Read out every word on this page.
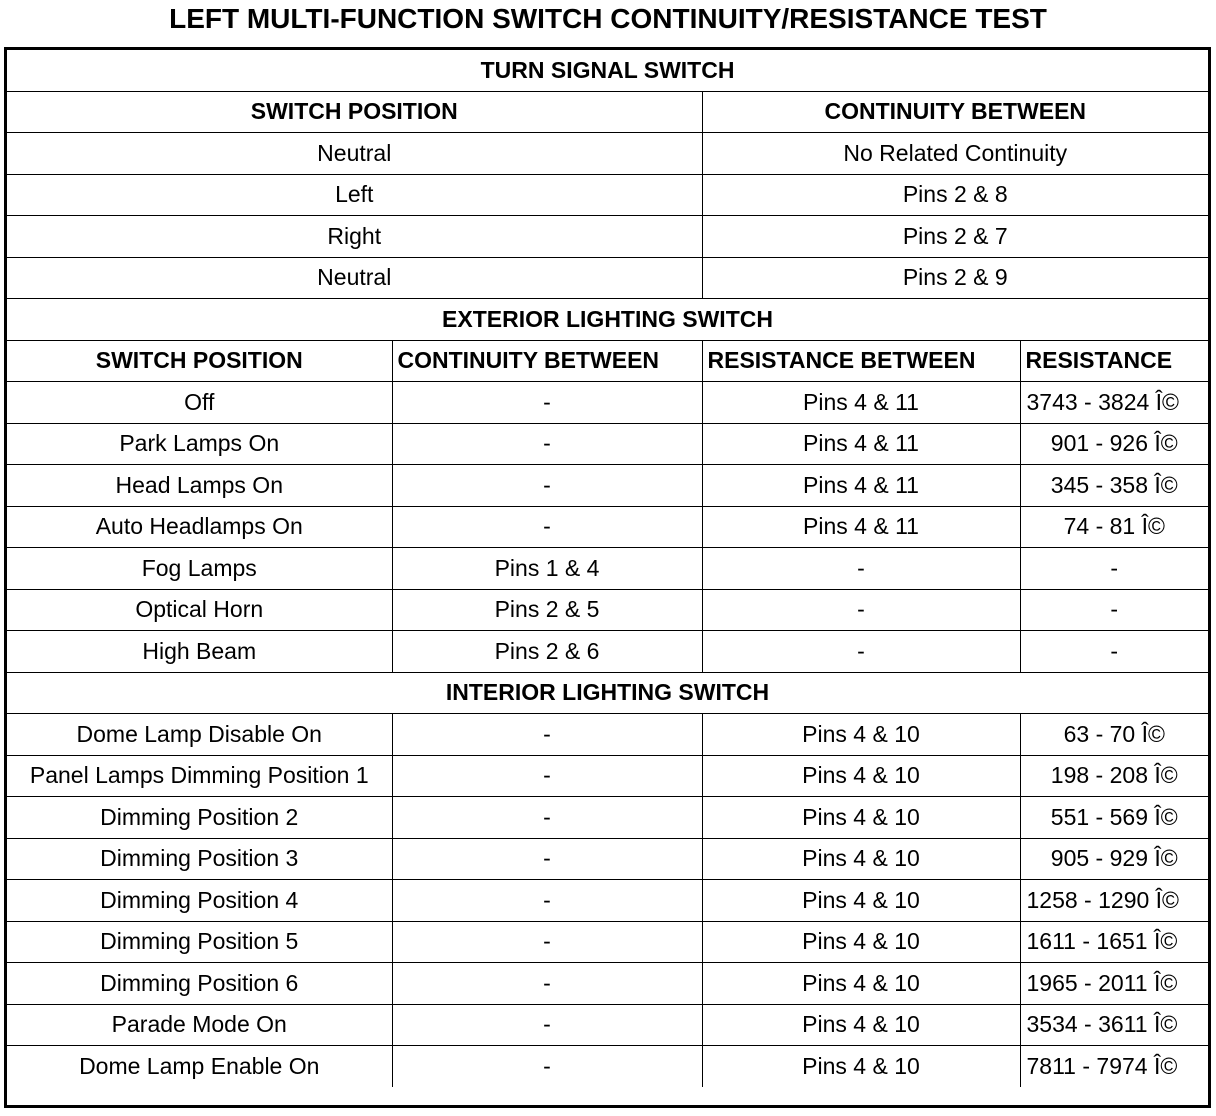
LEFT MULTI-FUNCTION SWITCH CONTINUITY/RESISTANCE TEST
TURN SIGNAL SWITCH			
SWITCH POSITION		CONTINUITY BETWEEN	
Neutral		No Related Continuity	
Left		Pins 2 & 8	
Right		Pins 2 & 7	
Neutral		Pins 2 & 9	
EXTERIOR LIGHTING SWITCH			
SWITCH POSITION	CONTINUITY BETWEEN	RESISTANCE BETWEEN	RESISTANCE
Off	-	Pins 4 & 11	3743 - 3824 Î©
Park Lamps On	-	Pins 4 & 11	901 - 926 Î©
Head Lamps On	-	Pins 4 & 11	345 - 358 Î©
Auto Headlamps On	-	Pins 4 & 11	74 - 81 Î©
Fog Lamps	Pins 1 & 4	-	-
Optical Horn	Pins 2 & 5	-	-
High Beam	Pins 2 & 6	-	-
INTERIOR LIGHTING SWITCH			
Dome Lamp Disable On	-	Pins 4 & 10	63 - 70 Î©
Panel Lamps Dimming Position 1	-	Pins 4 & 10	198 - 208 Î©
Dimming Position 2	-	Pins 4 & 10	551 - 569 Î©
Dimming Position 3	-	Pins 4 & 10	905 - 929 Î©
Dimming Position 4	-	Pins 4 & 10	1258 - 1290 Î©
Dimming Position 5	-	Pins 4 & 10	1611 - 1651 Î©
Dimming Position 6	-	Pins 4 & 10	1965 - 2011 Î©
Parade Mode On	-	Pins 4 & 10	3534 - 3611 Î©
Dome Lamp Enable On	-	Pins 4 & 10	7811 - 7974 Î©
